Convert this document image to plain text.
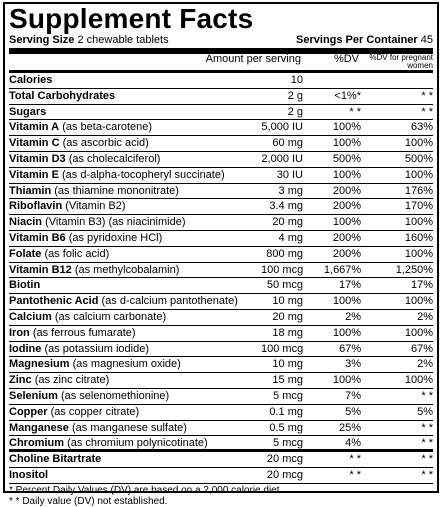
Supplement Facts
Serving Size 2 chewable tablets	Servings Per Container 45
Amount per serving	%DV	%DV for pregnant women
Calories	10
Total Carbohydrates	2 g	<1%*	* *
Sugars	2 g	* *	* *
Vitamin A (as beta-carotene)	5,000 IU	100%	63%
Vitamin C (as ascorbic acid)	60 mg	100%	100%
Vitamin D3 (as cholecalciferol)	2,000 IU	500%	500%
Vitamin E (as d-alpha-tocopheryl succinate)	30 IU	100%	100%
Thiamin (as thiamine mononitrate)	3 mg	200%	176%
Riboflavin (Vitamin B2)	3.4 mg	200%	170%
Niacin (Vitamin B3) (as niacinimide)	20 mg	100%	100%
Vitamin B6 (as pyridoxine HCl)	4 mg	200%	160%
Folate (as folic acid)	800 mg	200%	100%
Vitamin B12 (as methylcobalamin)	100 mcg	1,667%	1,250%
Biotin	50 mcg	17%	17%
Pantothenic Acid (as d-calcium pantothenate)	10 mg	100%	100%
Calcium (as calcium carbonate)	20 mg	2%	2%
Iron (as ferrous fumarate)	18 mg	100%	100%
Iodine (as potassium iodide)	100 mcg	67%	67%
Magnesium (as magnesium oxide)	10 mg	3%	2%
Zinc (as zinc citrate)	15 mg	100%	100%
Selenium (as selenomethionine)	5 mcg	7%	* *
Copper (as copper citrate)	0.1 mg	5%	5%
Manganese (as manganese sulfate)	0.5 mg	25%	* *
Chromium (as chromium polynicotinate)	5 mcg	4%	* *
Choline Bitartrate	20 mcg	* *	* *
Inositol	20 mcg	* *	* *
* Percent Daily Values (DV) are based on a 2,000 calorie diet.
* * Daily value (DV) not established.
